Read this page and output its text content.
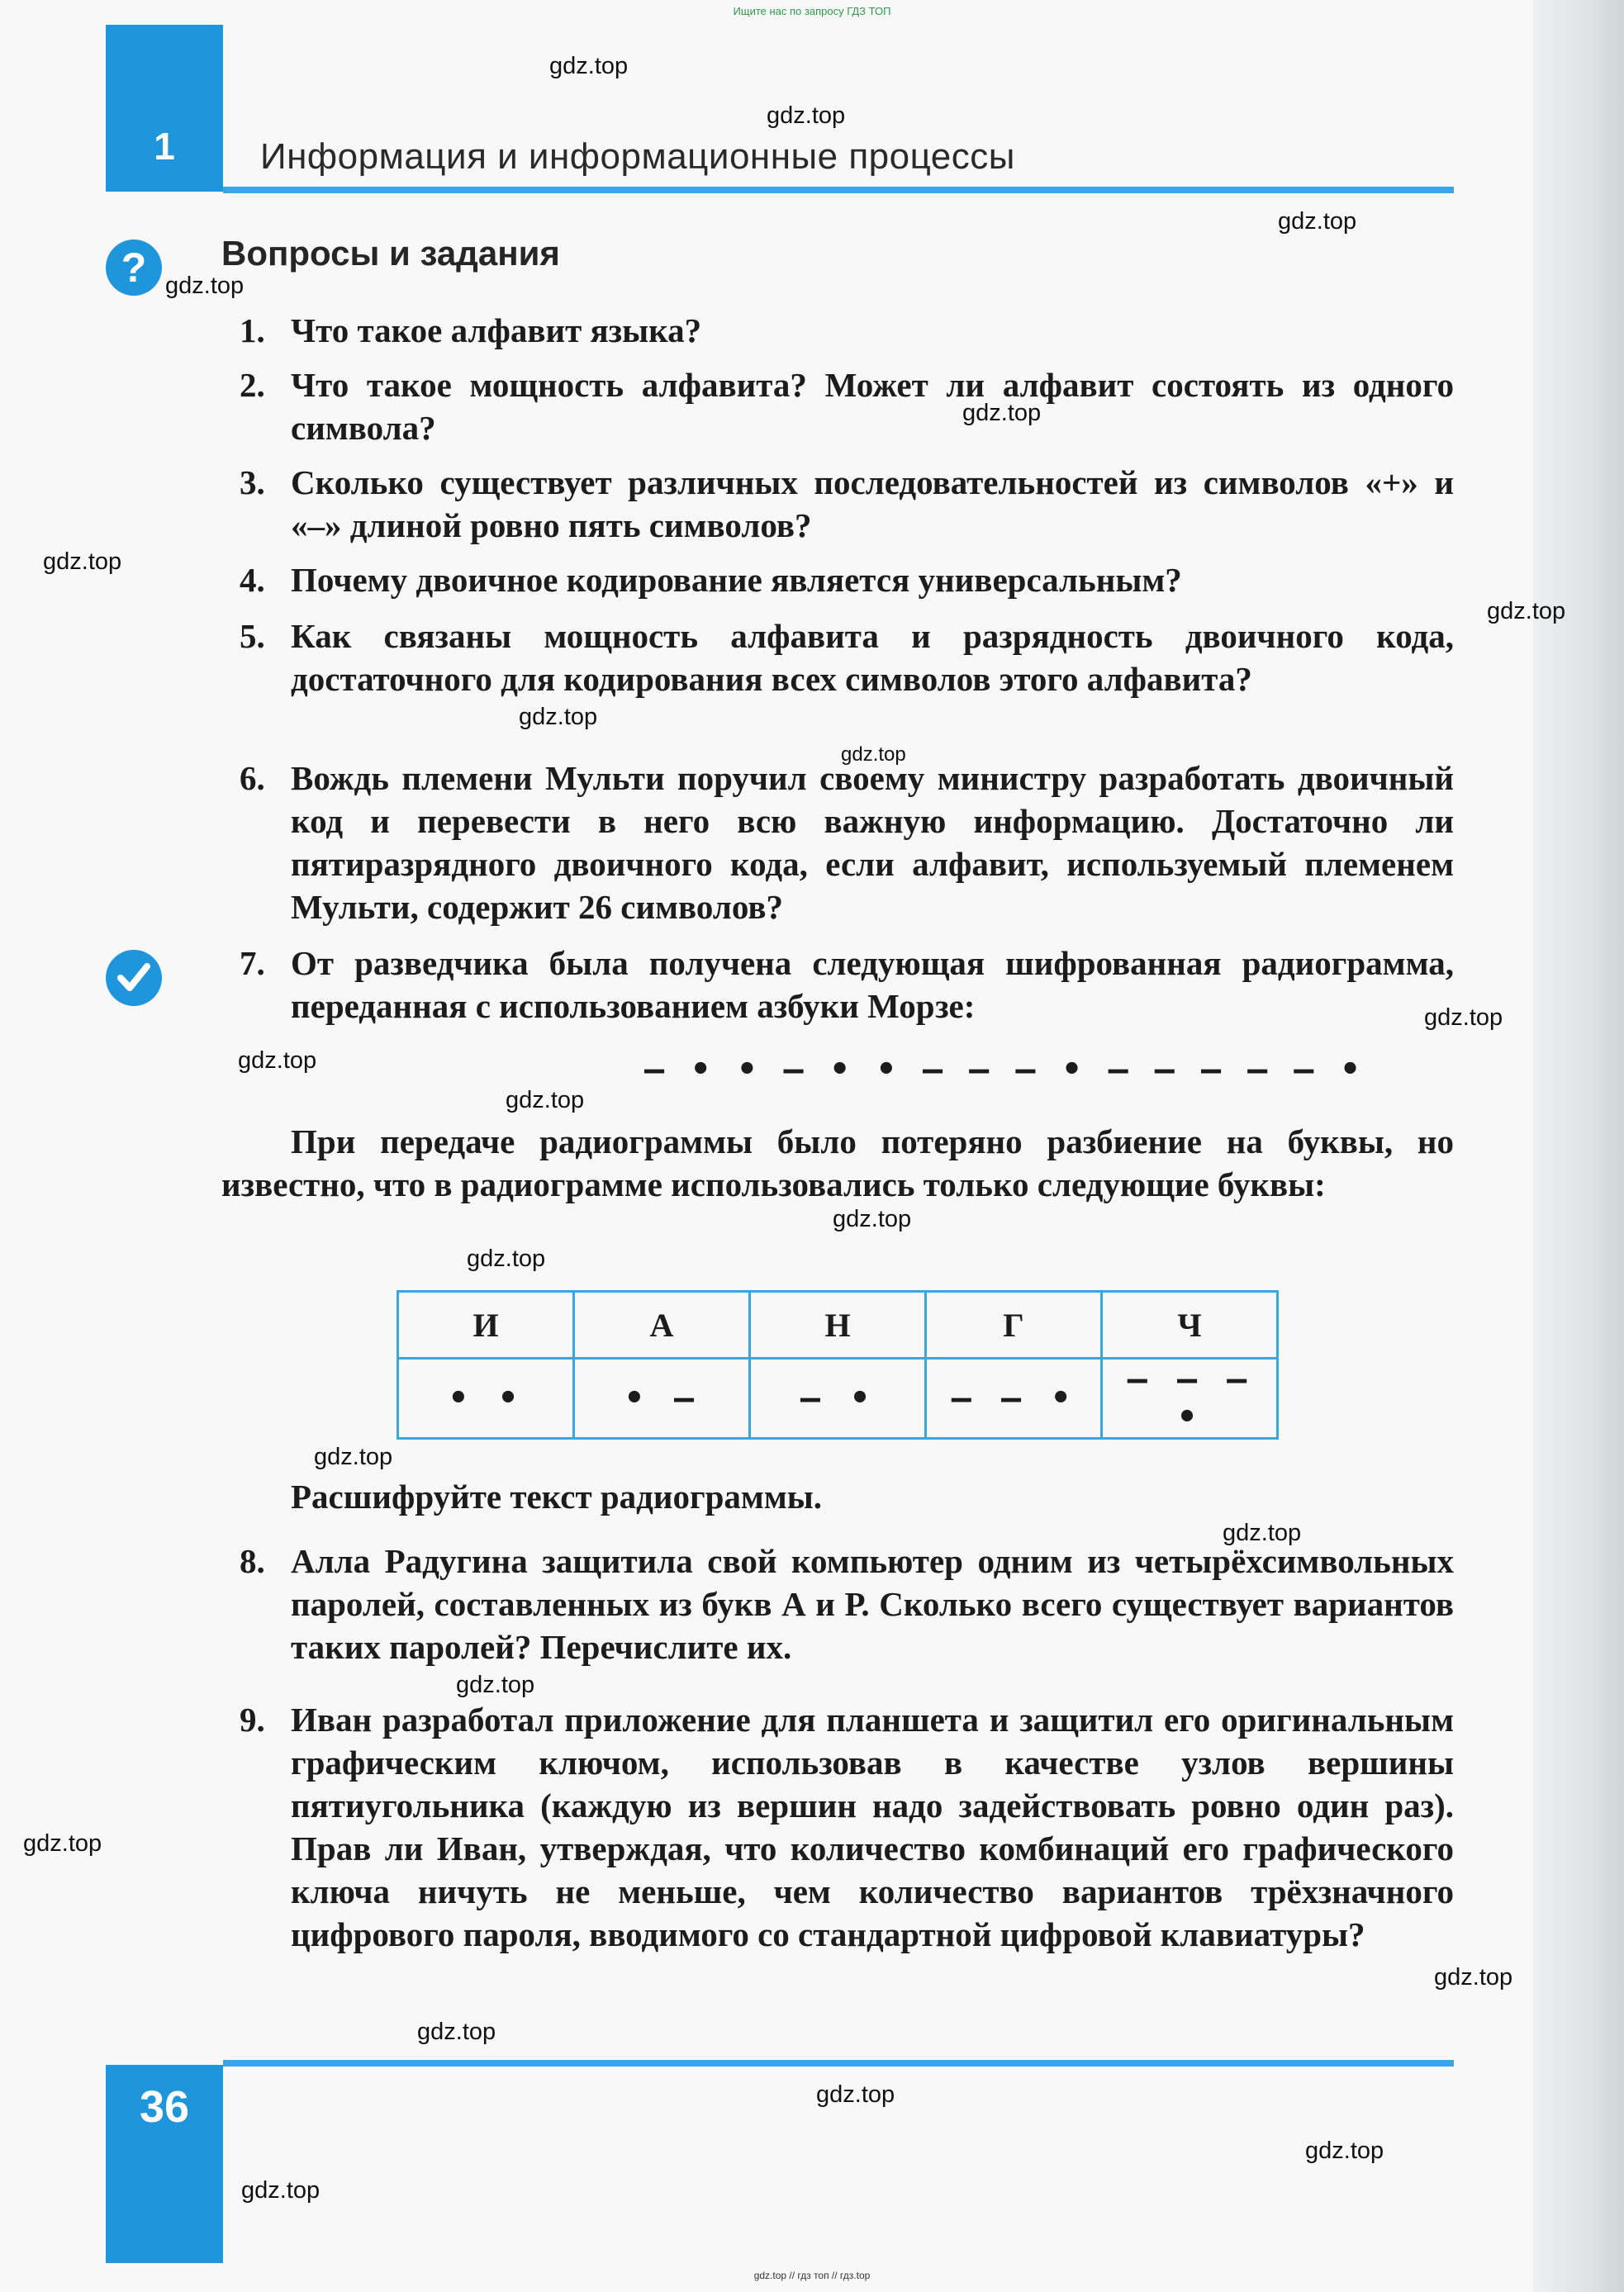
Ищите нас по запросу ГДЗ ТОП
1	Информация и информационные процессы
?	Вопросы и задания
1. Что такое алфавит языка?
2. Что такое мощность алфавита? Может ли алфавит состоять из одного символа?
3. Сколько существует различных последовательностей из символов «+» и «–» длиной ровно пять символов?
4. Почему двоичное кодирование является универсальным?
5. Как связаны мощность алфавита и разрядность двоичного кода, достаточного для кодирования всех символов этого алфавита?
6. Вождь племени Мульти поручил своему министру разработать двоичный код и перевести в него всю важную информацию. Достаточно ли пятиразрядного двоичного кода, если алфавит, используемый племенем Мульти, содержит 26 символов?
7. От разведчика была получена следующая шифрованная радиограмма, переданная с использованием азбуки Морзе:
– • • – • • – – – • – – – – – •
При передаче радиограммы было потеряно разбиение на буквы, но известно, что в радиограмме использовались только следующие буквы:
И	А	Н	Г	Ч
• •	• –	– •	– – •	– – – •
Расшифруйте текст радиограммы.
8. Алла Радугина защитила свой компьютер одним из четырёхсимвольных паролей, составленных из букв А и Р. Сколько всего существует вариантов таких паролей? Перечислите их.
9. Иван разработал приложение для планшета и защитил его оригинальным графическим ключом, использовав в качестве узлов вершины пятиугольника (каждую из вершин надо задействовать ровно один раз). Прав ли Иван, утверждая, что количество комбинаций его графического ключа ничуть не меньше, чем количество вариантов трёхзначного цифрового пароля, вводимого со стандартной цифровой клавиатуры?
36
gdz.top // гдз топ // гдз.top
gdz.top
gdz.top
gdz.top
gdz.top
gdz.top
gdz.top
gdz.top
gdz.top
gdz.top
gdz.top
gdz.top
gdz.top
gdz.top
gdz.top
gdz.top
gdz.top
gdz.top
gdz.top
gdz.top
gdz.top
gdz.top
gdz.top
gdz.top
